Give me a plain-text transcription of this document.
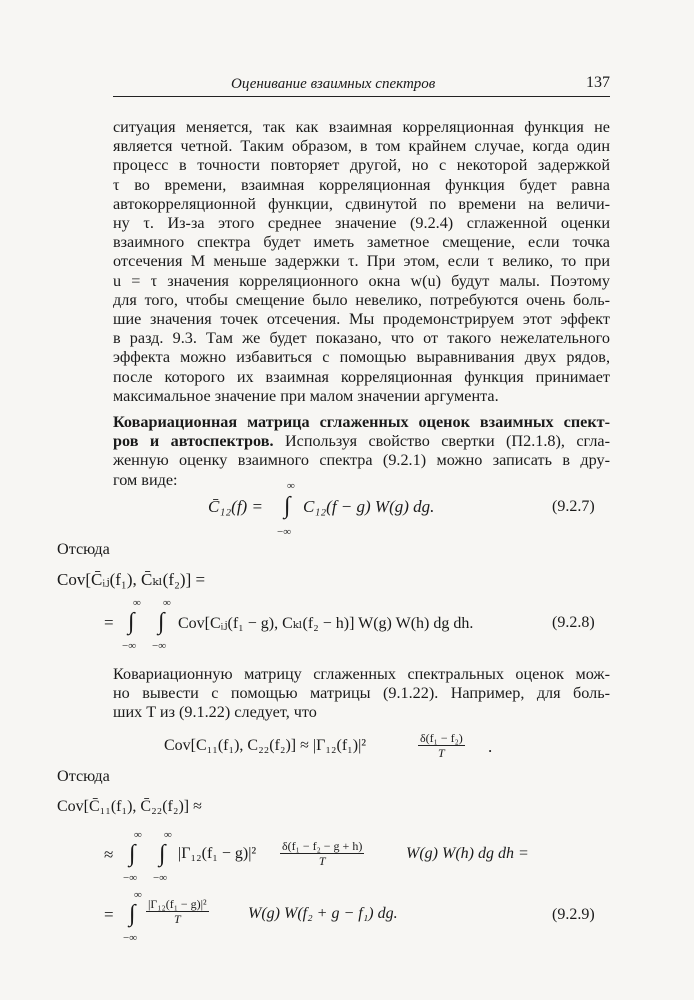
Оценивание взаимных спектров	137
ситуация меняется, так как взаимная корреляционная функция не
является четной. Таким образом, в том крайнем случае, когда один
процесс в точности повторяет другой, но с некоторой задержкой
τ во времени, взаимная корреляционная функция будет равна
автокорреляционной функции, сдвинутой по времени на величи-
ну τ. Из-за этого среднее значение (9.2.4) сглаженной оценки
взаимного спектра будет иметь заметное смещение, если точка
отсечения M меньше задержки τ. При этом, если τ велико, то при
u = τ значения корреляционного окна w(u) будут малы. Поэтому
для того, чтобы смещение было невелико, потребуются очень боль-
шие значения точек отсечения. Мы продемонстрируем этот эффект
в разд. 9.3. Там же будет показано, что от такого нежелательного
эффекта можно избавиться с помощью выравнивания двух рядов,
после которого их взаимная корреляционная функция принимает
максимальное значение при малом значении аргумента.
Ковариационная матрица сглаженных оценок взаимных спект-
ров и автоспектров. Используя свойство свертки (П2.1.8), сгла-
женную оценку взаимного спектра (9.2.1) можно записать в дру-
гом виде:
C̄₁₂(f) =
∞
∫
−∞
C₁₂(f − g) W(g) dg.	(9.2.7)
Отсюда
Cov[C̄ᵢⱼ(f₁), C̄ₖₗ(f₂)] =
=
∞
∫
−∞
∞
∫
−∞
Cov[Cᵢⱼ(f₁ − g), Cₖₗ(f₂ − h)] W(g) W(h) dg dh.	(9.2.8)
Ковариационную матрицу сглаженных спектральных оценок мож-
но вывести с помощью матрицы (9.1.22). Например, для боль-
ших T из (9.1.22) следует, что
Cov[C₁₁(f₁), C₂₂(f₂)] ≈ |Γ₁₂(f₁)|²	$\frac{\text{δ(f₁ − f₂)}}{T}$ .
Отсюда
Cov[C̄₁₁(f₁), C̄₂₂(f₂)] ≈
≈
∞
∫
−∞
∞
∫
−∞
$|\Gamma_{12}(f_1 - g)|^2 \frac{\text{δ(f₁ − f₂ − g + h)}}{T}$	W(g) W(h) dg dh =
=
∞
∫
−∞
$\frac{\text{|Γ₁₂(f₁ − g)|²}}{T} W(g) W(f_2 + g - f_1)$ dg.	(9.2.9)
